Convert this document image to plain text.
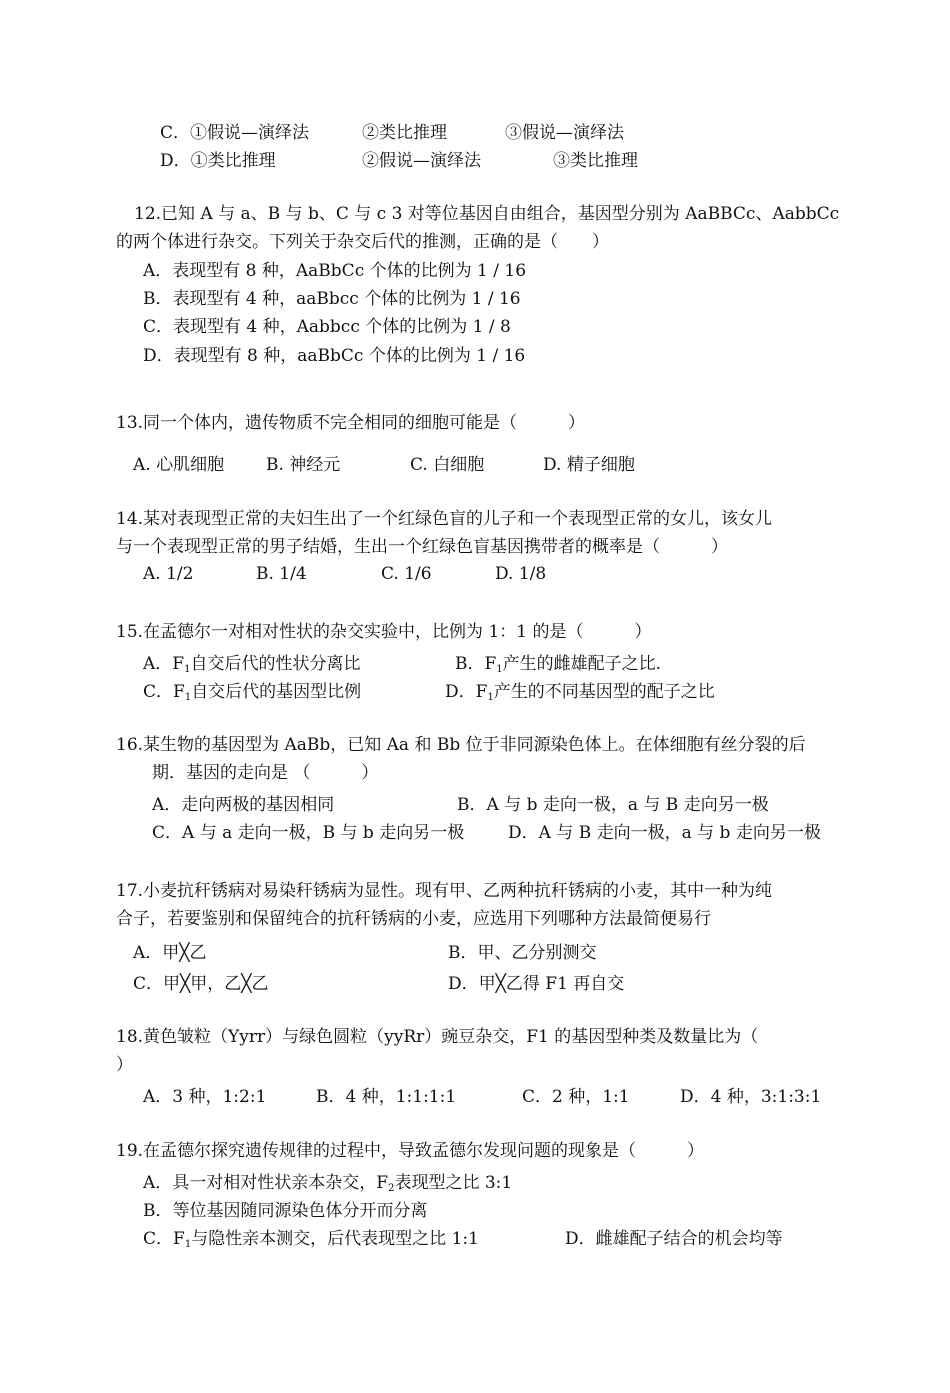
C．①假说—演绎法	②类比推理	③假说—演绎法
D．①类比推理	②假说—演绎法	③类比推理
12.已知 A 与 a、B 与 b、C 与 c 3 对等位基因自由组合，基因型分别为 AaBBCc、AabbCc
的两个体进行杂交。下列关于杂交后代的推测，正确的是（　　）
A．表现型有 8 种，AaBbCc 个体的比例为 1 / 16
B．表现型有 4 种，aaBbcc 个体的比例为 1 / 16
C．表现型有 4 种，Aabbcc 个体的比例为 1 / 8
D．表现型有 8 种，aaBbCc 个体的比例为 1 / 16
13.同一个体内，遗传物质不完全相同的细胞可能是（　　　）
A. 心肌细胞 B. 神经元	C. 白细胞	D. 精子细胞
14.某对表现型正常的夫妇生出了一个红绿色盲的儿子和一个表现型正常的女儿，该女儿
与一个表现型正常的男子结婚，生出一个红绿色盲基因携带者的概率是（　　　）
A. 1/2	B. 1/4	C. 1/6	D. 1/8
15.在孟德尔一对相对性状的杂交实验中，比例为 1：1 的是（　　　）
A．$F_1$自交后代的性状分离比	B．$F_1$产生的雌雄配子之比.
C．$F_1$自交后代的基因型比例	D．$F_1$产生的不同基因型的配子之比
16.某生物的基因型为 AaBb，已知 Aa 和 Bb 位于非同源染色体上。在体细胞有丝分裂的后
期．基因的走向是 （　　　）
A．走向两极的基因相同	B．A 与 b 走向一极，a 与 B 走向另一极
C．A 与 a 走向一极，B 与 b 走向另一极	D．A 与 B 走向一极，a 与 b 走向另一极
17.小麦抗秆锈病对易染秆锈病为显性。现有甲、乙两种抗秆锈病的小麦，其中一种为纯
合子，若要鉴别和保留纯合的抗秆锈病的小麦，应选用下列哪种方法最简便易行
A．甲╳乙	B．甲、乙分别测交
C．甲╳甲，乙╳乙	D．甲╳乙得 F1 再自交
18.黄色皱粒（Yyrr）与绿色圆粒（yyRr）豌豆杂交，F1 的基因型种类及数量比为（
）
A．3 种，1:2:1	B．4 种，1:1:1:1	C．2 种，1:1	D．4 种，3:1:3:1
19.在孟德尔探究遗传规律的过程中，导致孟德尔发现问题的现象是（　　　）
A．具一对相对性状亲本杂交，$F_2$表现型之比 3:1
B．等位基因随同源染色体分开而分离
C．$F_1$与隐性亲本测交，后代表现型之比 1:1	D．雌雄配子结合的机会均等
